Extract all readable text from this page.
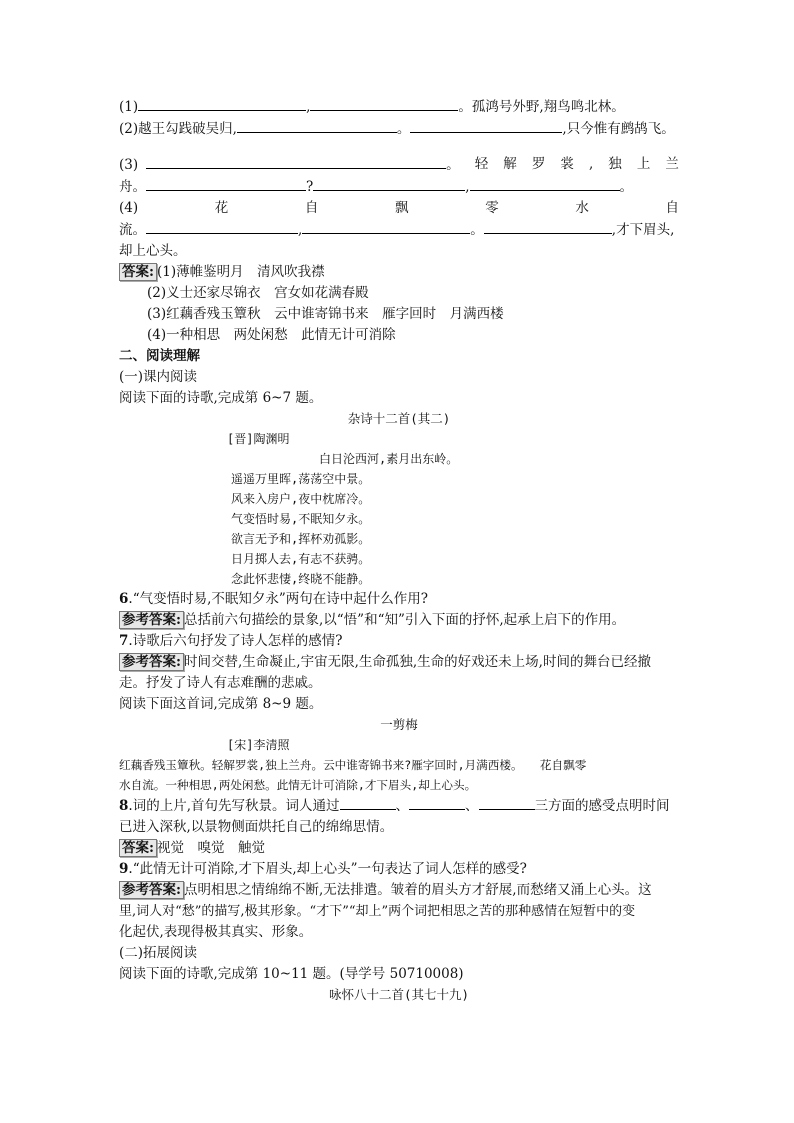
(1)	,	。孤鸿号外野,翔鸟鸣北林。
(2)越王勾践破吴归,	。	,只今惟有鹧鸪飞。
(3)	。 轻 解 罗 裳 , 独 上 兰
舟。	?	,	。
(4)	花	自	飘	零	水	自
流。	,	。	,才下眉头,
却上心头。
答案: (1)薄帷鉴明月　清风吹我襟
(2)义士还家尽锦衣　宫女如花满春殿
(3)红藕香残玉簟秋　云中谁寄锦书来　雁字回时　月满西楼
(4)一种相思　两处闲愁　此情无计可消除
二、阅读理解
(一)课内阅读
阅读下面的诗歌,完成第 6~7 题。
杂诗十二首(其二)
[晋]陶渊明
白日沦西河,素月出东岭。
遥遥万里晖,荡荡空中景。
风来入房户,夜中枕席冷。
气变悟时易,不眠知夕永。
欲言无予和,挥杯劝孤影。
日月掷人去,有志不获骋。
念此怀悲悽,终晓不能静。
6.“气变悟时易,不眠知夕永”两句在诗中起什么作用?
参考答案: 总括前六句描绘的景象,以“悟”和“知”引入下面的抒怀,起承上启下的作用。
7.诗歌后六句抒发了诗人怎样的感情?
参考答案: 时间交替,生命凝止,宇宙无限,生命孤独,生命的好戏还未上场,时间的舞台已经撤
走。抒发了诗人有志难酬的悲戚。
阅读下面这首词,完成第 8~9 题。
一剪梅
[宋]李清照
红藕香残玉簟秋。轻解罗裳,独上兰舟。云中谁寄锦书来?雁字回时,月满西楼。　　花自飘零
水自流。一种相思,两处闲愁。此情无计可消除,才下眉头,却上心头。
8.词的上片,首句先写秋景。词人通过	、	、	三方面的感受点明时间
已进入深秋,以景物侧面烘托自己的绵绵思情。
答案: 视觉　嗅觉　触觉
9.“此情无计可消除,才下眉头,却上心头”一句表达了词人怎样的感受?
参考答案: 点明相思之情绵绵不断,无法排遣。皱着的眉头方才舒展,而愁绪又涌上心头。这
里,词人对“愁”的描写,极其形象。“才下”“却上”两个词把相思之苦的那种感情在短暂中的变
化起伏,表现得极其真实、形象。
(二)拓展阅读
阅读下面的诗歌,完成第 10~11 题。(导学号 50710008)
咏怀八十二首(其七十九)
